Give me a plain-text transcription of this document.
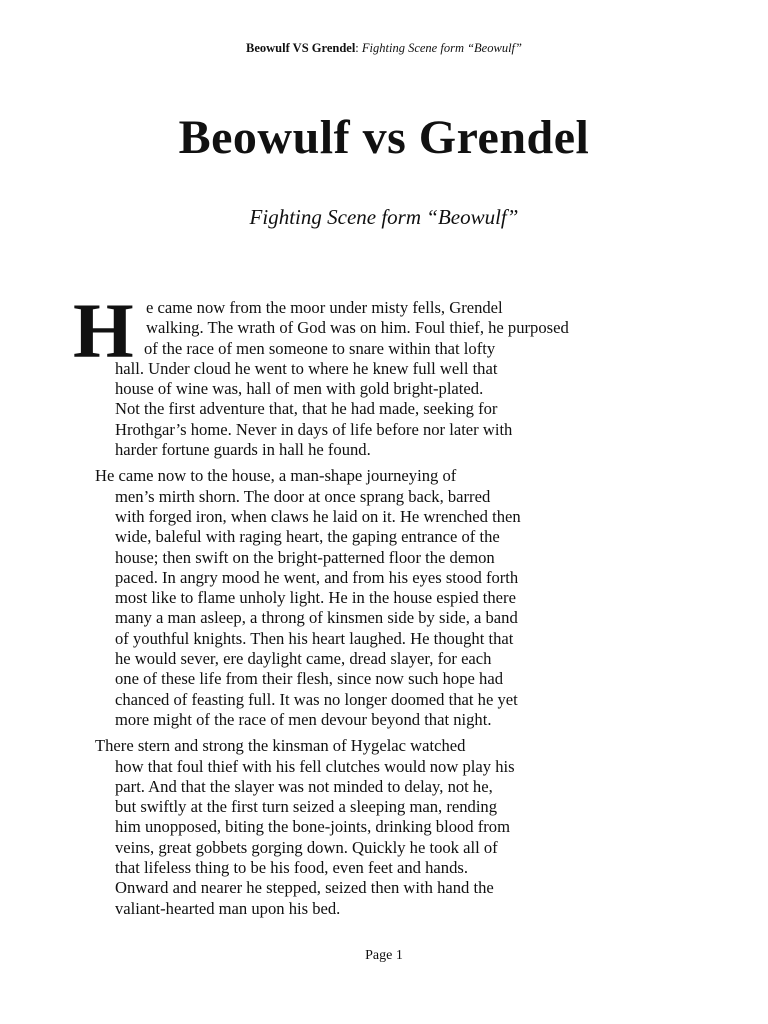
Beowulf VS Grendel: Fighting Scene form “Beowulf”
Beowulf vs Grendel
Fighting Scene form “Beowulf”
H e came now from the moor under misty fells, Grendel
walking. The wrath of God was on him. Foul thief, he purposed
of the race of men someone to snare within that lofty
hall. Under cloud he went to where he knew full well that
house of wine was, hall of men with gold bright-plated.
Not the first adventure that, that he had made, seeking for
Hrothgar’s home. Never in days of life before nor later with
harder fortune guards in hall he found.
He came now to the house, a man-shape journeying of
men’s mirth shorn. The door at once sprang back, barred
with forged iron, when claws he laid on it. He wrenched then
wide, baleful with raging heart, the gaping entrance of the
house; then swift on the bright-patterned floor the demon
paced. In angry mood he went, and from his eyes stood forth
most like to flame unholy light. He in the house espied there
many a man asleep, a throng of kinsmen side by side, a band
of youthful knights. Then his heart laughed. He thought that
he would sever, ere daylight came, dread slayer, for each
one of these life from their flesh, since now such hope had
chanced of feasting full. It was no longer doomed that he yet
more might of the race of men devour beyond that night.
There stern and strong the kinsman of Hygelac watched
how that foul thief with his fell clutches would now play his
part. And that the slayer was not minded to delay, not he,
but swiftly at the first turn seized a sleeping man, rending
him unopposed, biting the bone-joints, drinking blood from
veins, great gobbets gorging down. Quickly he took all of
that lifeless thing to be his food, even feet and hands.
Onward and nearer he stepped, seized then with hand the
valiant-hearted man upon his bed.
Page 1
